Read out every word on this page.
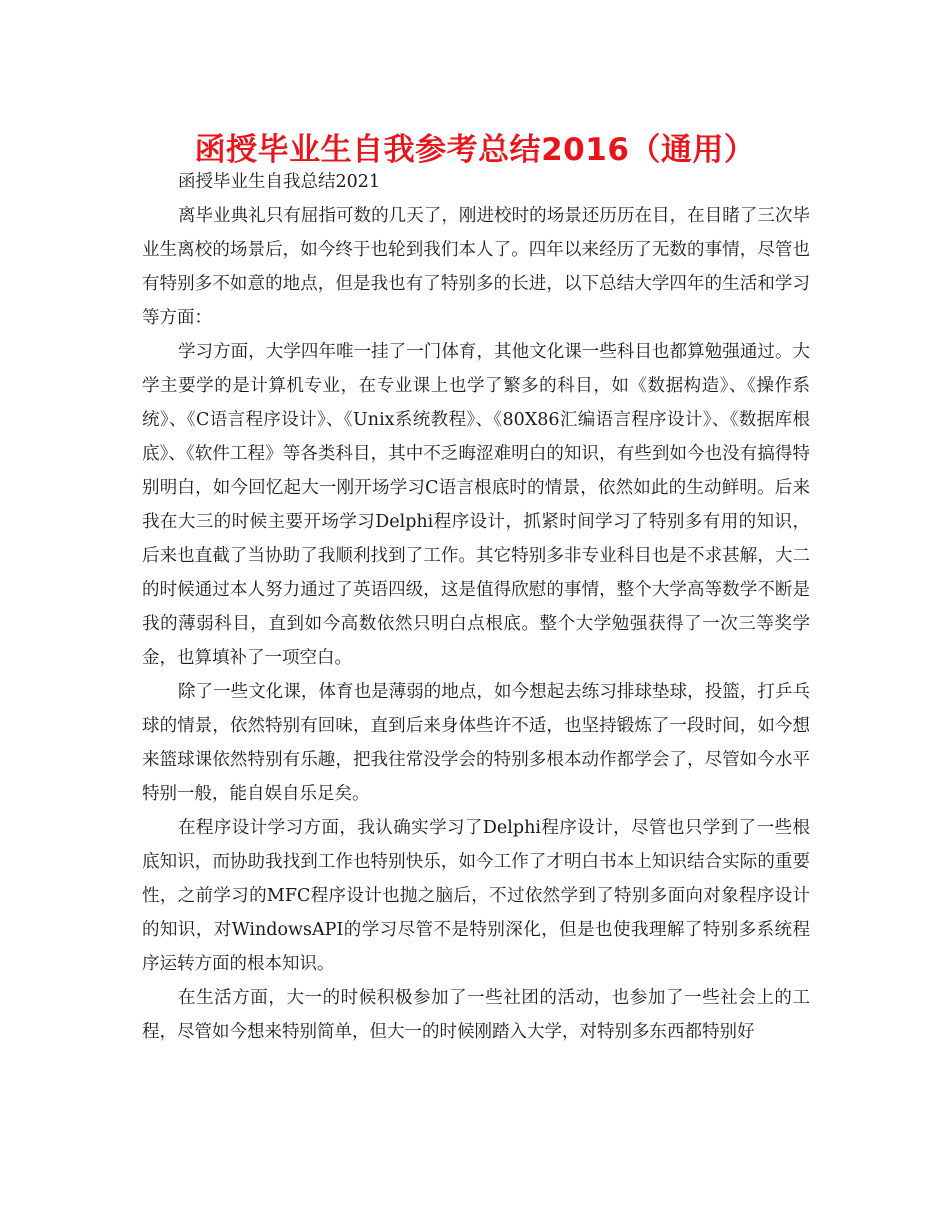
函授毕业生自我参考总结2016（通用）

函授毕业生自我总结2021

离毕业典礼只有屈指可数的几天了，刚进校时的场景还历历在目，在目睹了三次毕业生离校的场景后，如今终于也轮到我们本人了。四年以来经历了无数的事情，尽管也有特别多不如意的地点，但是我也有了特别多的长进，以下总结大学四年的生活和学习等方面：

学习方面，大学四年唯一挂了一门体育，其他文化课一些科目也都算勉强通过。大学主要学的是计算机专业，在专业课上也学了繁多的科目，如《数据构造》、《操作系统》、《C语言程序设计》、《Unix系统教程》、《80X86汇编语言程序设计》、《数据库根底》、《软件工程》等各类科目，其中不乏晦涩难明白的知识，有些到如今也没有搞得特别明白，如今回忆起大一刚开场学习C语言根底时的情景，依然如此的生动鲜明。后来我在大三的时候主要开场学习Delphi程序设计，抓紧时间学习了特别多有用的知识，后来也直截了当协助了我顺利找到了工作。其它特别多非专业科目也是不求甚解，大二的时候通过本人努力通过了英语四级，这是值得欣慰的事情，整个大学高等数学不断是我的薄弱科目，直到如今高数依然只明白点根底。整个大学勉强获得了一次三等奖学金，也算填补了一项空白。

除了一些文化课，体育也是薄弱的地点，如今想起去练习排球垫球，投篮，打乒乓球的情景，依然特别有回味，直到后来身体些许不适，也坚持锻炼了一段时间，如今想来篮球课依然特别有乐趣，把我往常没学会的特别多根本动作都学会了，尽管如今水平特别一般，能自娱自乐足矣。

在程序设计学习方面，我认确实学习了Delphi程序设计，尽管也只学到了一些根底知识，而协助我找到工作也特别快乐，如今工作了才明白书本上知识结合实际的重要性，之前学习的MFC程序设计也抛之脑后，不过依然学到了特别多面向对象程序设计的知识，对WindowsAPI的学习尽管不是特别深化，但是也使我理解了特别多系统程序运转方面的根本知识。

在生活方面，大一的时候积极参加了一些社团的活动，也参加了一些社会上的工程，尽管如今想来特别简单，但大一的时候刚踏入大学，对特别多东西都特别好
